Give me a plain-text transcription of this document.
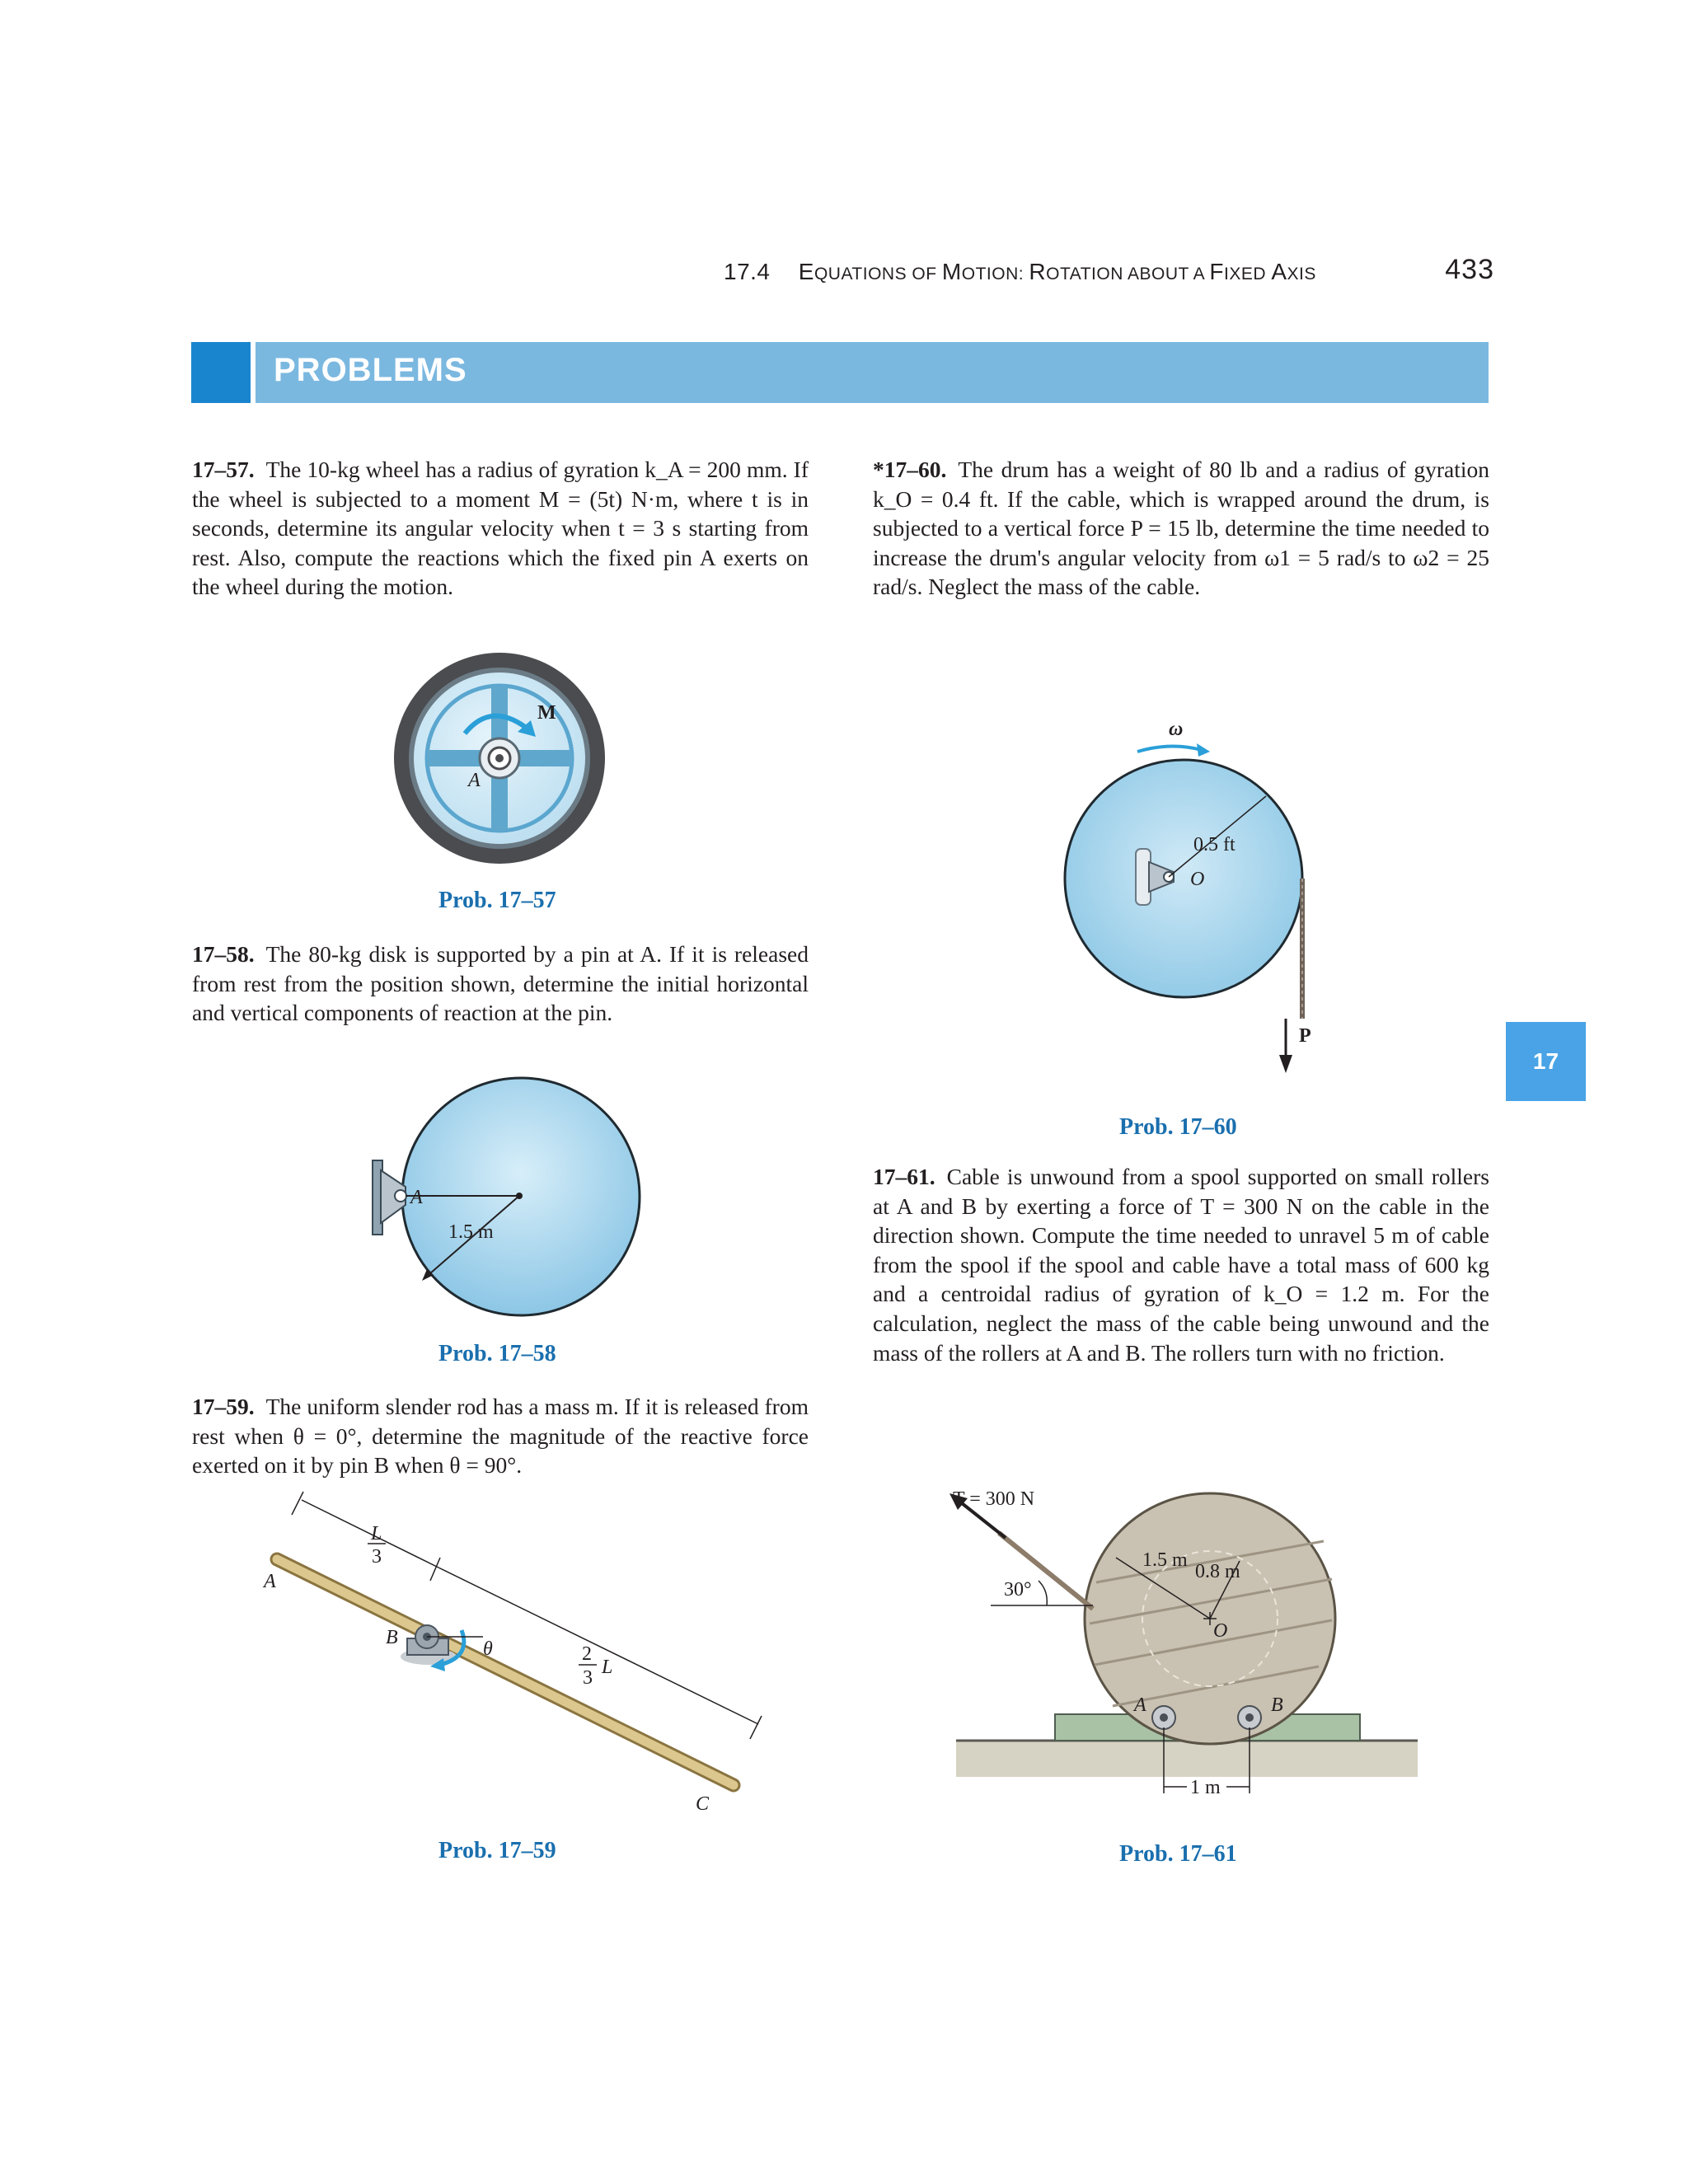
17.4 EQUATIONS OF MOTION: ROTATION ABOUT A FIXED AXIS	433
PROBLEMS
17
17–57. The 10-kg wheel has a radius of gyration k_A = 200 mm. If the wheel is subjected to a moment M = (5t) N·m, where t is in seconds, determine its angular velocity when t = 3 s starting from rest. Also, compute the reactions which the fixed pin A exerts on the wheel during the motion.
M
A
Prob. 17–57
17–58. The 80-kg disk is supported by a pin at A. If it is released from rest from the position shown, determine the initial horizontal and vertical components of reaction at the pin.
A
1.5 m
Prob. 17–58
17–59. The uniform slender rod has a mass m. If it is released from rest when θ = 0°, determine the magnitude of the reactive force exerted on it by pin B when θ = 90°.
A
B
C
θ
L
3
2
3 L
Prob. 17–59
*17–60. The drum has a weight of 80 lb and a radius of gyration k_O = 0.4 ft. If the cable, which is wrapped around the drum, is subjected to a vertical force P = 15 lb, determine the time needed to increase the drum's angular velocity from ω1 = 5 rad/s to ω2 = 25 rad/s. Neglect the mass of the cable.
ω
0.5 ft
O
P
Prob. 17–60
17–61. Cable is unwound from a spool supported on small rollers at A and B by exerting a force of T = 300 N on the cable in the direction shown. Compute the time needed to unravel 5 m of cable from the spool if the spool and cable have a total mass of 600 kg and a centroidal radius of gyration of k_O = 1.2 m. For the calculation, neglect the mass of the cable being unwound and the mass of the rollers at A and B. The rollers turn with no friction.
A	B
1 m
T = 300 N
30°
1.5 m
0.8 m
O
Prob. 17–61
